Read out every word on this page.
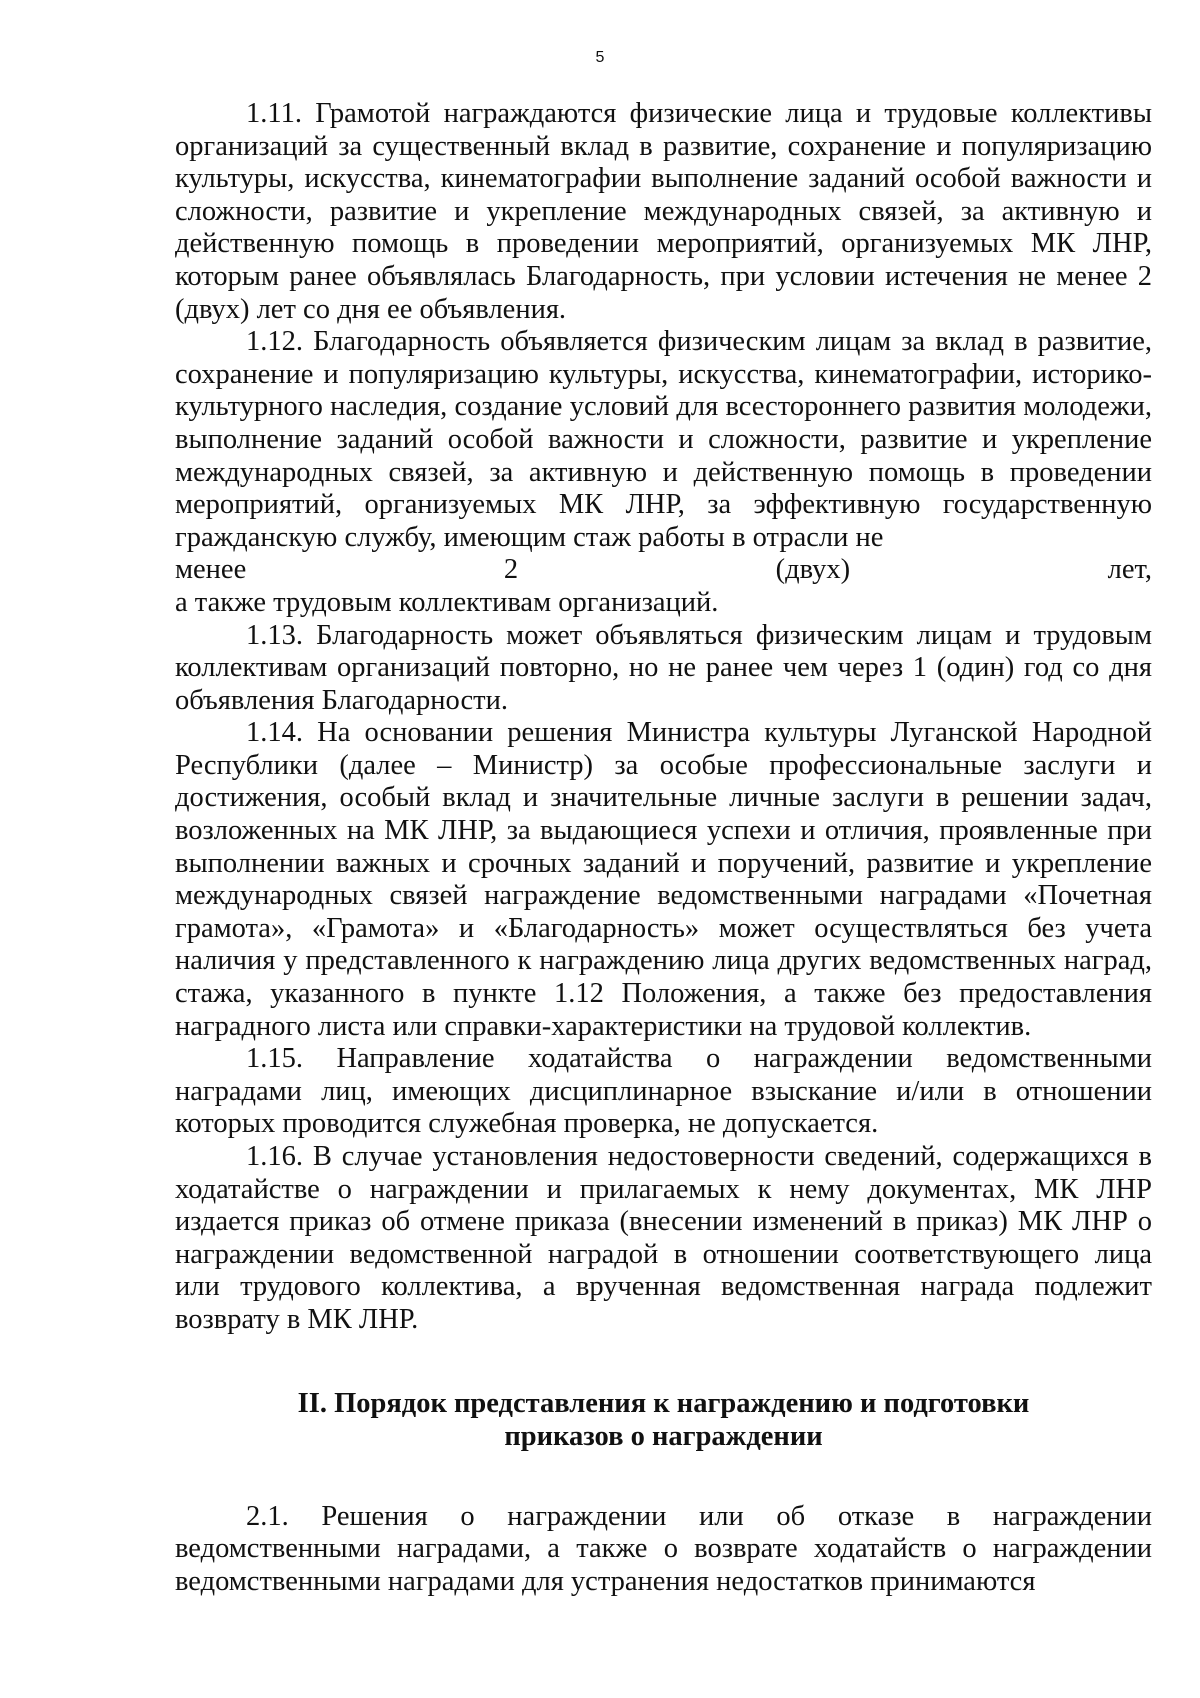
5

1.11. Грамотой награждаются физические лица и трудовые коллективы организаций за существенный вклад в развитие, сохранение и популяризацию культуры, искусства, кинематографии выполнение заданий особой важности и сложности, развитие и укрепление международных связей, за активную и действенную помощь в проведении мероприятий, организуемых МК ЛНР, которым ранее объявлялась Благодарность, при условии истечения не менее 2 (двух) лет со дня ее объявления.

1.12. Благодарность объявляется физическим лицам за вклад в развитие, сохранение и популяризацию культуры, искусства, кинематографии, историко-культурного наследия, создание условий для всестороннего развития молодежи, выполнение заданий особой важности и сложности, развитие и укрепление международных связей, за активную и действенную помощь в проведении мероприятий, организуемых МК ЛНР, за эффективную государственную гражданскую службу, имеющим стаж работы в отрасли не

менее	2	(двух)	лет,

а также трудовым коллективам организаций.

1.13. Благодарность может объявляться физическим лицам и трудовым коллективам организаций повторно, но не ранее чем через 1 (один) год со дня объявления Благодарности.

1.14. На основании решения Министра культуры Луганской Народной Республики (далее – Министр) за особые профессиональные заслуги и достижения, особый вклад и значительные личные заслуги в решении задач, возложенных на МК ЛНР, за выдающиеся успехи и отличия, проявленные при выполнении важных и срочных заданий и поручений, развитие и укрепление международных связей награждение ведомственными наградами «Почетная грамота», «Грамота» и «Благодарность» может осуществляться без учета наличия у представленного к награждению лица других ведомственных наград, стажа, указанного в пункте 1.12 Положения, а также без предоставления наградного листа или справки-характеристики на трудовой коллектив.

1.15. Направление ходатайства о награждении ведомственными наградами лиц, имеющих дисциплинарное взыскание и/или в отношении которых проводится служебная проверка, не допускается.

1.16. В случае установления недостоверности сведений, содержащихся в ходатайстве о награждении и прилагаемых к нему документах, МК ЛНР издается приказ об отмене приказа (внесении изменений в приказ) МК ЛНР о награждении ведомственной наградой в отношении соответствующего лица или трудового коллектива, а врученная ведомственная награда подлежит возврату в МК ЛНР.

II. Порядок представления к награждению и подготовки
приказов о награждении

2.1. Решения о награждении или об отказе в награждении ведомственными наградами, а также о возврате ходатайств о награждении ведомственными наградами для устранения недостатков принимаются
